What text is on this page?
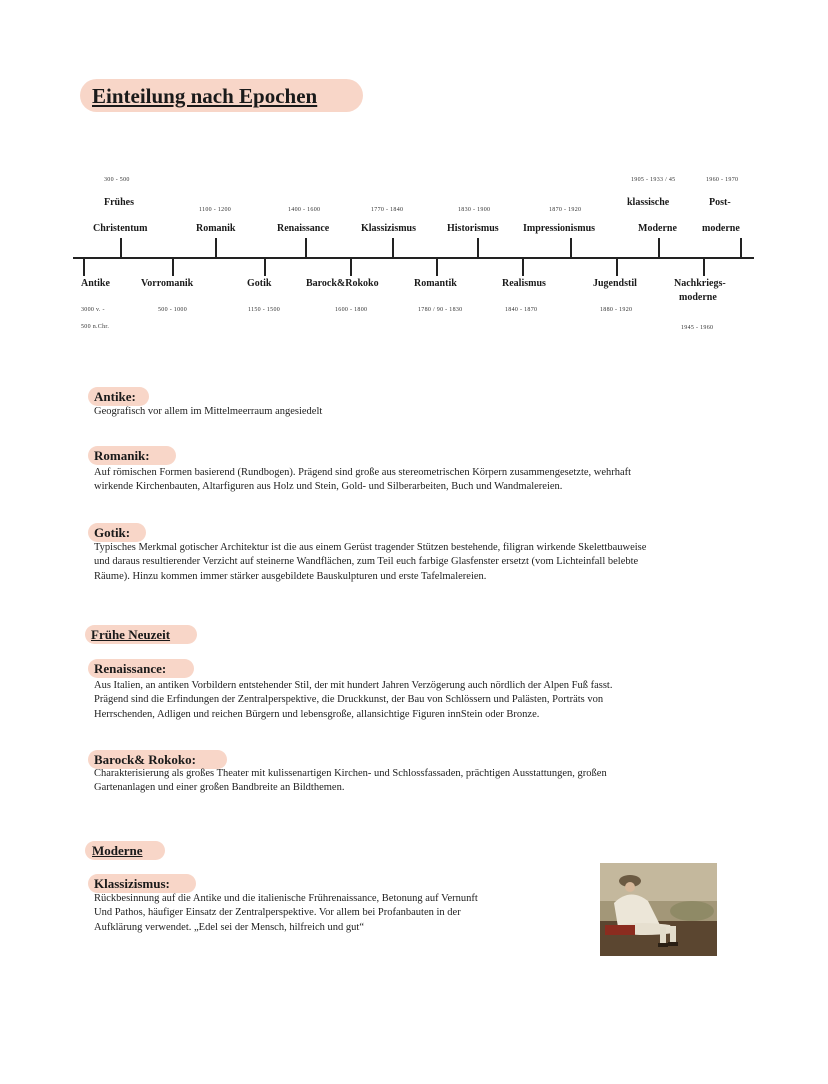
Einteilung nach Epochen
300 - 500
Frühes
Christentum
1100 - 1200
Romanik
1400 - 1600
Renaissance
1770 - 1840
Klassizismus
1830 - 1900
Historismus
1870 - 1920
Impressionismus
1905 - 1933 / 45
klassische
Moderne
1960 - 1970
Post-
moderne
Antike
3000 v. -
500 n.Chr.
Vorromanik
500 - 1000
Gotik
1150 - 1500
Barock&Rokoko
1600 - 1800
Romantik
1780 / 90 - 1830
Realismus
1840 - 1870
Jugendstil
1880 - 1920
Nachkriegs-
moderne
1945 - 1960
Antike:
Geografisch vor allem im Mittelmeerraum angesiedelt
Romanik:
Auf römischen Formen basierend (Rundbogen). Prägend sind große aus stereometrischen Körpern zusammengesetzte, wehrhaft
wirkende Kirchenbauten, Altarfiguren aus Holz und Stein, Gold- und Silberarbeiten, Buch und Wandmalereien.
Gotik:
Typisches Merkmal gotischer Architektur ist die aus einem Gerüst tragender Stützen bestehende, filigran wirkende Skelettbauweise
und daraus resultierender Verzicht auf steinerne Wandflächen, zum Teil euch farbige Glasfenster ersetzt (vom Lichteinfall belebte
Räume). Hinzu kommen immer stärker ausgebildete Bauskulpturen und erste Tafelmalereien.
Frühe Neuzeit
Renaissance:
Aus Italien, an antiken Vorbildern entstehender Stil, der mit hundert Jahren Verzögerung auch nördlich der Alpen Fuß fasst.
Prägend sind die Erfindungen der Zentralperspektive, die Druckkunst, der Bau von Schlössern und Palästen, Porträts von
Herrschenden, Adligen und reichen Bürgern und lebensgroße, allansichtige Figuren innStein oder Bronze.
Barock& Rokoko:
Charakterisierung als großes Theater mit kulissenartigen Kirchen- und Schlossfassaden, prächtigen Ausstattungen, großen
Gartenanlagen und einer großen Bandbreite an Bildthemen.
Moderne
Klassizismus:
Rückbesinnung auf die Antike und die italienische Frührenaissance, Betonung auf Vernunft
Und Pathos, häufiger Einsatz der Zentralperspektive. Vor allem bei Profanbauten in der
Aufklärung verwendet. „Edel sei der Mensch, hilfreich und gut“
